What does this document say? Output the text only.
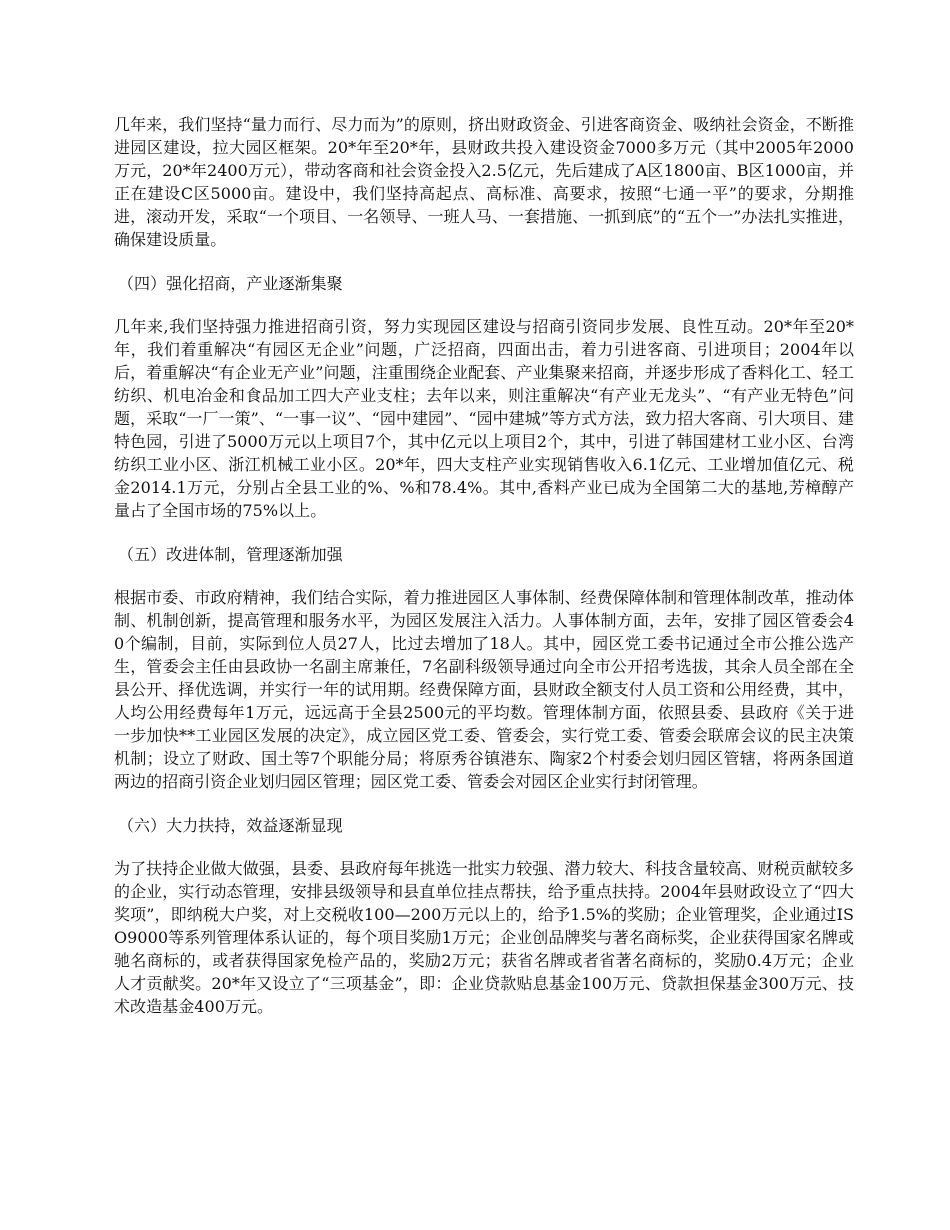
几年来，我们坚持“量力而行、尽力而为”的原则，挤出财政资金、引进客商资金、吸纳社会资金，不断推进园区建设，拉大园区框架。20*年至20*年，县财政共投入建设资金7000多万元（其中2005年2000万元，20*年2400万元），带动客商和社会资金投入2.5亿元，先后建成了A区1800亩、B区1000亩，并正在建设C区5000亩。建设中，我们坚持高起点、高标准、高要求，按照“七通一平”的要求，分期推进，滚动开发，采取“一个项目、一名领导、一班人马、一套措施、一抓到底”的“五个一”办法扎实推进，确保建设质量。

（四）强化招商，产业逐渐集聚

几年来,我们坚持强力推进招商引资，努力实现园区建设与招商引资同步发展、良性互动。20*年至20*年，我们着重解决“有园区无企业”问题，广泛招商，四面出击，着力引进客商、引进项目；2004年以后，着重解决“有企业无产业”问题，注重围绕企业配套、产业集聚来招商，并逐步形成了香料化工、轻工纺织、机电冶金和食品加工四大产业支柱；去年以来，则注重解决“有产业无龙头”、“有产业无特色”问题，采取“一厂一策”、“一事一议”、“园中建园”、“园中建城”等方式方法，致力招大客商、引大项目、建特色园，引进了5000万元以上项目7个，其中亿元以上项目2个，其中，引进了韩国建材工业小区、台湾纺织工业小区、浙江机械工业小区。20*年，四大支柱产业实现销售收入6.1亿元、工业增加值亿元、税金2014.1万元，分别占全县工业的%、%和78.4%。其中,香料产业已成为全国第二大的基地,芳樟醇产量占了全国市场的75%以上。

（五）改进体制，管理逐渐加强

根据市委、市政府精神，我们结合实际，着力推进园区人事体制、经费保障体制和管理体制改革，推动体制、机制创新，提高管理和服务水平，为园区发展注入活力。人事体制方面，去年，安排了园区管委会40个编制，目前，实际到位人员27人，比过去增加了18人。其中，园区党工委书记通过全市公推公选产生，管委会主任由县政协一名副主席兼任，7名副科级领导通过向全市公开招考选拔，其余人员全部在全县公开、择优选调，并实行一年的试用期。经费保障方面，县财政全额支付人员工资和公用经费，其中，人均公用经费每年1万元，远远高于全县2500元的平均数。管理体制方面，依照县委、县政府《关于进一步加快**工业园区发展的决定》，成立园区党工委、管委会，实行党工委、管委会联席会议的民主决策机制；设立了财政、国土等7个职能分局；将原秀谷镇港东、陶家2个村委会划归园区管辖，将两条国道两边的招商引资企业划归园区管理；园区党工委、管委会对园区企业实行封闭管理。

（六）大力扶持，效益逐渐显现

为了扶持企业做大做强，县委、县政府每年挑选一批实力较强、潜力较大、科技含量较高、财税贡献较多的企业，实行动态管理，安排县级领导和县直单位挂点帮扶，给予重点扶持。2004年县财政设立了“四大奖项”，即纳税大户奖，对上交税收100—200万元以上的，给予1.5%的奖励；企业管理奖，企业通过ISO9000等系列管理体系认证的，每个项目奖励1万元；企业创品牌奖与著名商标奖，企业获得国家名牌或驰名商标的，或者获得国家免检产品的，奖励2万元；获省名牌或者省著名商标的，奖励0.4万元；企业人才贡献奖。20*年又设立了“三项基金”，即：企业贷款贴息基金100万元、贷款担保基金300万元、技术改造基金400万元。
